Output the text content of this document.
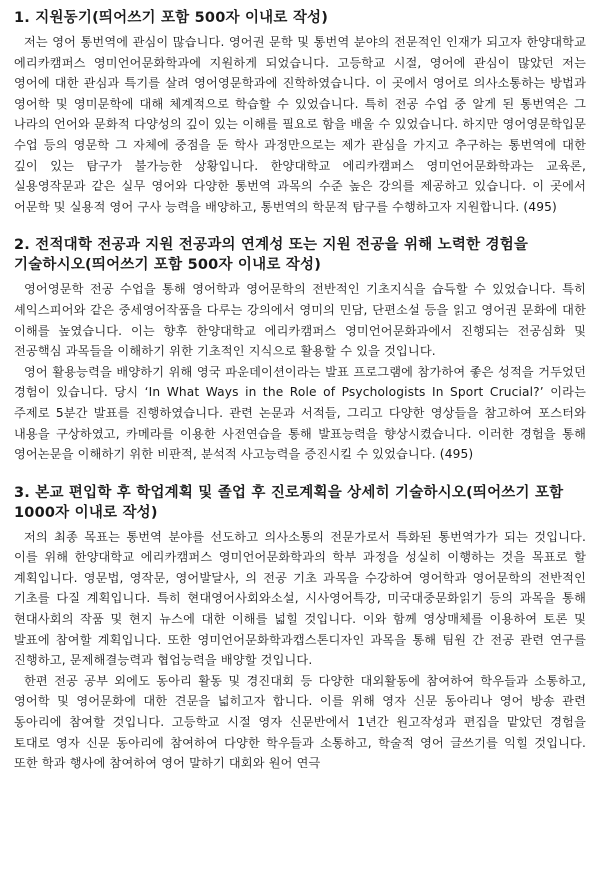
1. 지원동기(띄어쓰기 포함 500자 이내로 작성)

저는 영어 통번역에 관심이 많습니다. 영어권 문학 및 통번역 분야의 전문적인 인재가 되고자 한양대학교 에리카캠퍼스 영미언어문화학과에 지원하게 되었습니다. 고등학교 시절, 영어에 관심이 많았던 저는 영어에 대한 관심과 특기를 살려 영어영문학과에 진학하였습니다. 이 곳에서 영어로 의사소통하는 방법과 영어학 및 영미문학에 대해 체계적으로 학습할 수 있었습니다. 특히 전공 수업 중 알게 된 통번역은 그 나라의 언어와 문화적 다양성의 깊이 있는 이해를 필요로 함을 배울 수 있었습니다. 하지만 영어영문학입문 수업 등의 영문학 그 자체에 중점을 둔 학사 과정만으로는 제가 관심을 가지고 추구하는 통번역에 대한 깊이 있는 탐구가 불가능한 상황입니다. 한양대학교 에리카캠퍼스 영미언어문화학과는 교육론, 실용영작문과 같은 실무 영어와 다양한 통번역 과목의 수준 높은 강의를 제공하고 있습니다. 이 곳에서 어문학 및 실용적 영어 구사 능력을 배양하고, 통번역의 학문적 탐구를 수행하고자 지원합니다. (495)

2. 전적대학 전공과 지원 전공과의 연계성 또는 지원 전공을 위해 노력한 경험을 기술하시오(띄어쓰기 포함 500자 이내로 작성)

영어영문학 전공 수업을 통해 영어학과 영어문학의 전반적인 기초지식을 습득할 수 있었습니다. 특히 셰익스피어와 같은 중세영어작품을 다루는 강의에서 영미의 민담, 단편소설 등을 읽고 영어권 문화에 대한 이해를 높였습니다. 이는 향후 한양대학교 에리카캠퍼스 영미언어문화과에서 진행되는 전공심화 및 전공핵심 과목들을 이해하기 위한 기초적인 지식으로 활용할 수 있을 것입니다.

영어 활용능력을 배양하기 위해 영국 파운데이션이라는 발표 프로그램에 참가하여 좋은 성적을 거두었던 경험이 있습니다. 당시 ‘In What Ways in the Role of Psychologists In Sport Crucial?’ 이라는 주제로 5분간 발표를 진행하였습니다. 관련 논문과 서적들, 그리고 다양한 영상들을 참고하여 포스터와 내용을 구상하였고, 카메라를 이용한 사전연습을 통해 발표능력을 향상시켰습니다. 이러한 경험을 통해 영어논문을 이해하기 위한 비판적, 분석적 사고능력을 증진시킬 수 있었습니다. (495)

3. 본교 편입학 후 학업계획 및 졸업 후 진로계획을 상세히 기술하시오(띄어쓰기 포함 1000자 이내로 작성)

저의 최종 목표는 통번역 분야를 선도하고 의사소통의 전문가로서 특화된 통번역가가 되는 것입니다. 이를 위해 한양대학교 에리카캠퍼스 영미언어문화학과의 학부 과정을 성실히 이행하는 것을 목표로 할 계획입니다. 영문법, 영작문, 영어발달사, 의 전공 기초 과목을 수강하여 영어학과 영어문학의 전반적인 기초를 다질 계획입니다. 특히 현대영어사회와소설, 시사영어특강, 미국대중문화읽기 등의 과목을 통해 현대사회의 작품 및 현지 뉴스에 대한 이해를 넓힐 것입니다. 이와 함께 영상매체를 이용하여 토론 및 발표에 참여할 계획입니다. 또한 영미언어문화학과캡스톤디자인 과목을 통해 팀원 간 전공 관련 연구를 진행하고, 문제해결능력과 협업능력을 배양할 것입니다.

한편 전공 공부 외에도 동아리 활동 및 경진대회 등 다양한 대외활동에 참여하여 학우들과 소통하고, 영어학 및 영어문화에 대한 견문을 넓히고자 합니다. 이를 위해 영자 신문 동아리나 영어 방송 관련 동아리에 참여할 것입니다. 고등학교 시절 영자 신문반에서 1년간 원고작성과 편집을 맡았던 경험을 토대로 영자 신문 동아리에 참여하여 다양한 학우들과 소통하고, 학술적 영어 글쓰기를 익힐 것입니다. 또한 학과 행사에 참여하여 영어 말하기 대회와 원어 연극
